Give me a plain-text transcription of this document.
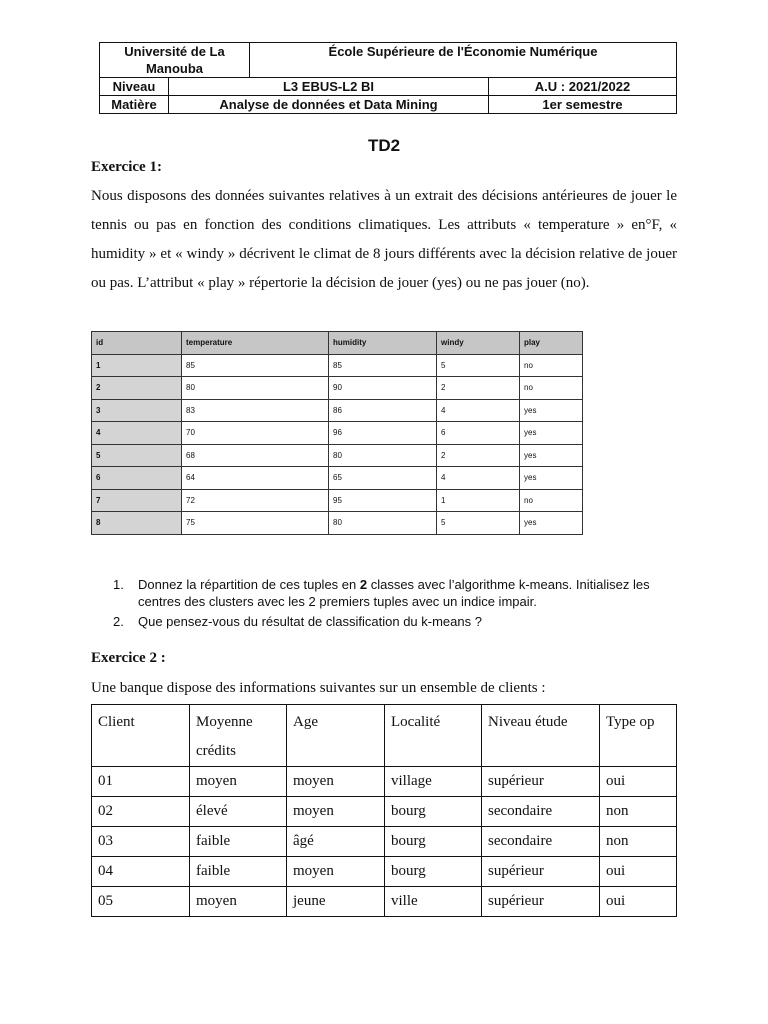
Université de La Manouba		École Supérieure de l'Économie Numérique	
Niveau	L3 EBUS-L2 BI		A.U : 2021/2022
Matière	Analyse de données et Data Mining		1er semestre
TD2
Exercice 1:

Nous disposons des données suivantes relatives à un extrait des décisions antérieures de jouer le tennis ou pas en fonction des conditions climatiques. Les attributs « temperature » en°F, « humidity » et « windy » décrivent le climat de 8 jours différents avec la décision relative de jouer ou pas. L’attribut « play » répertorie la décision de jouer (yes) ou ne pas jouer (no).

id	temperature	humidity	windy	play
1	85	85	5	no
2	80	90	2	no
3	83	86	4	yes
4	70	96	6	yes
5	68	80	2	yes
6	64	65	4	yes
7	72	95	1	no
8	75	80	5	yes
1. Donnez la répartition de ces tuples en 2 classes avec l’algorithme k-means. Initialisez les centres des clusters avec les 2 premiers tuples avec un indice impair.
2. Que pensez-vous du résultat de classification du k-means ?
Exercice 2 :
Une banque dispose des informations suivantes sur un ensemble de clients :
Client	Moyenne crédits	Age	Localité	Niveau étude	Type op
01	moyen	moyen	village	supérieur	oui
02	élevé	moyen	bourg	secondaire	non
03	faible	âgé	bourg	secondaire	non
04	faible	moyen	bourg	supérieur	oui
05	moyen	jeune	ville	supérieur	oui
